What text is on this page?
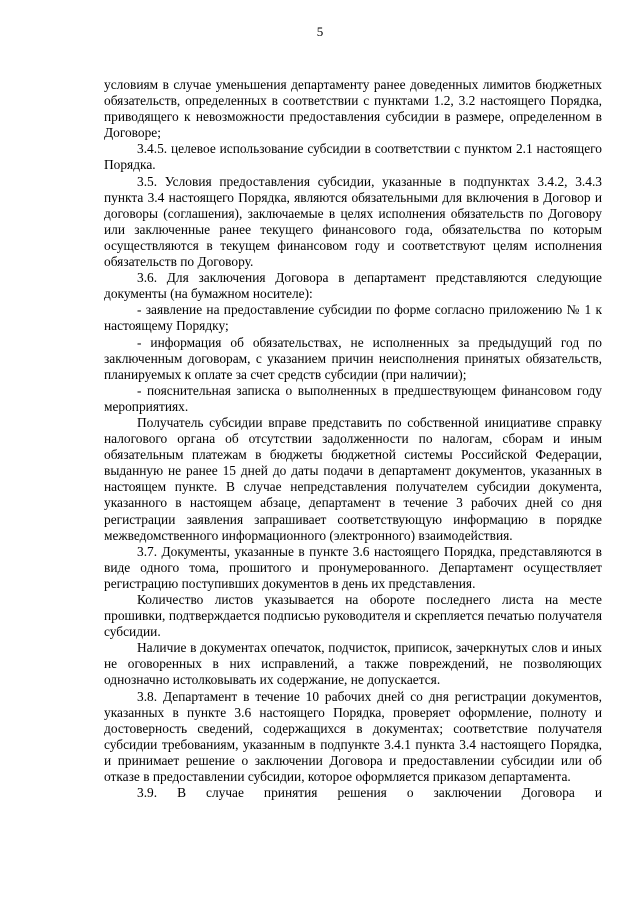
5

условиям в случае уменьшения департаменту ранее доведенных лимитов бюджетных обязательств, определенных в соответствии с пунктами 1.2, 3.2 настоящего Порядка, приводящего к невозможности предоставления субсидии в размере, определенном в Договоре;

3.4.5. целевое использование субсидии в соответствии с пунктом 2.1 настоящего Порядка.

3.5. Условия предоставления субсидии, указанные в подпунктах 3.4.2, 3.4.3 пункта 3.4 настоящего Порядка, являются обязательными для включения в Договор и договоры (соглашения), заключаемые в целях исполнения обязательств по Договору или заключенные ранее текущего финансового года, обязательства по которым осуществляются в текущем финансовом году и соответствуют целям исполнения обязательств по Договору.

3.6. Для заключения Договора в департамент представляются следующие документы (на бумажном носителе):

- заявление на предоставление субсидии по форме согласно приложению № 1 к настоящему Порядку;

- информация об обязательствах, не исполненных за предыдущий год по заключенным договорам, с указанием причин неисполнения принятых обязательств, планируемых к оплате за счет средств субсидии (при наличии);

- пояснительная записка о выполненных в предшествующем финансовом году мероприятиях.

Получатель субсидии вправе представить по собственной инициативе справку налогового органа об отсутствии задолженности по налогам, сборам и иным обязательным платежам в бюджеты бюджетной системы Российской Федерации, выданную не ранее 15 дней до даты подачи в департамент документов, указанных в настоящем пункте. В случае непредставления получателем субсидии документа, указанного в настоящем абзаце, департамент в течение 3 рабочих дней со дня регистрации заявления запрашивает соответствующую информацию в порядке межведомственного информационного (электронного) взаимодействия.

3.7. Документы, указанные в пункте 3.6 настоящего Порядка, представляются в виде одного тома, прошитого и пронумерованного. Департамент осуществляет регистрацию поступивших документов в день их представления.

Количество листов указывается на обороте последнего листа на месте прошивки, подтверждается подписью руководителя и скрепляется печатью получателя субсидии.

Наличие в документах опечаток, подчисток, приписок, зачеркнутых слов и иных не оговоренных в них исправлений, а также повреждений, не позволяющих однозначно истолковывать их содержание, не допускается.

3.8. Департамент в течение 10 рабочих дней со дня регистрации документов, указанных в пункте 3.6 настоящего Порядка, проверяет оформление, полноту и достоверность сведений, содержащихся в документах; соответствие получателя субсидии требованиям, указанным в подпункте 3.4.1 пункта 3.4 настоящего Порядка, и принимает решение о заключении Договора и предоставлении субсидии или об отказе в предоставлении субсидии, которое оформляется приказом департамента.

3.9. В случае принятия решения о заключении Договора и
